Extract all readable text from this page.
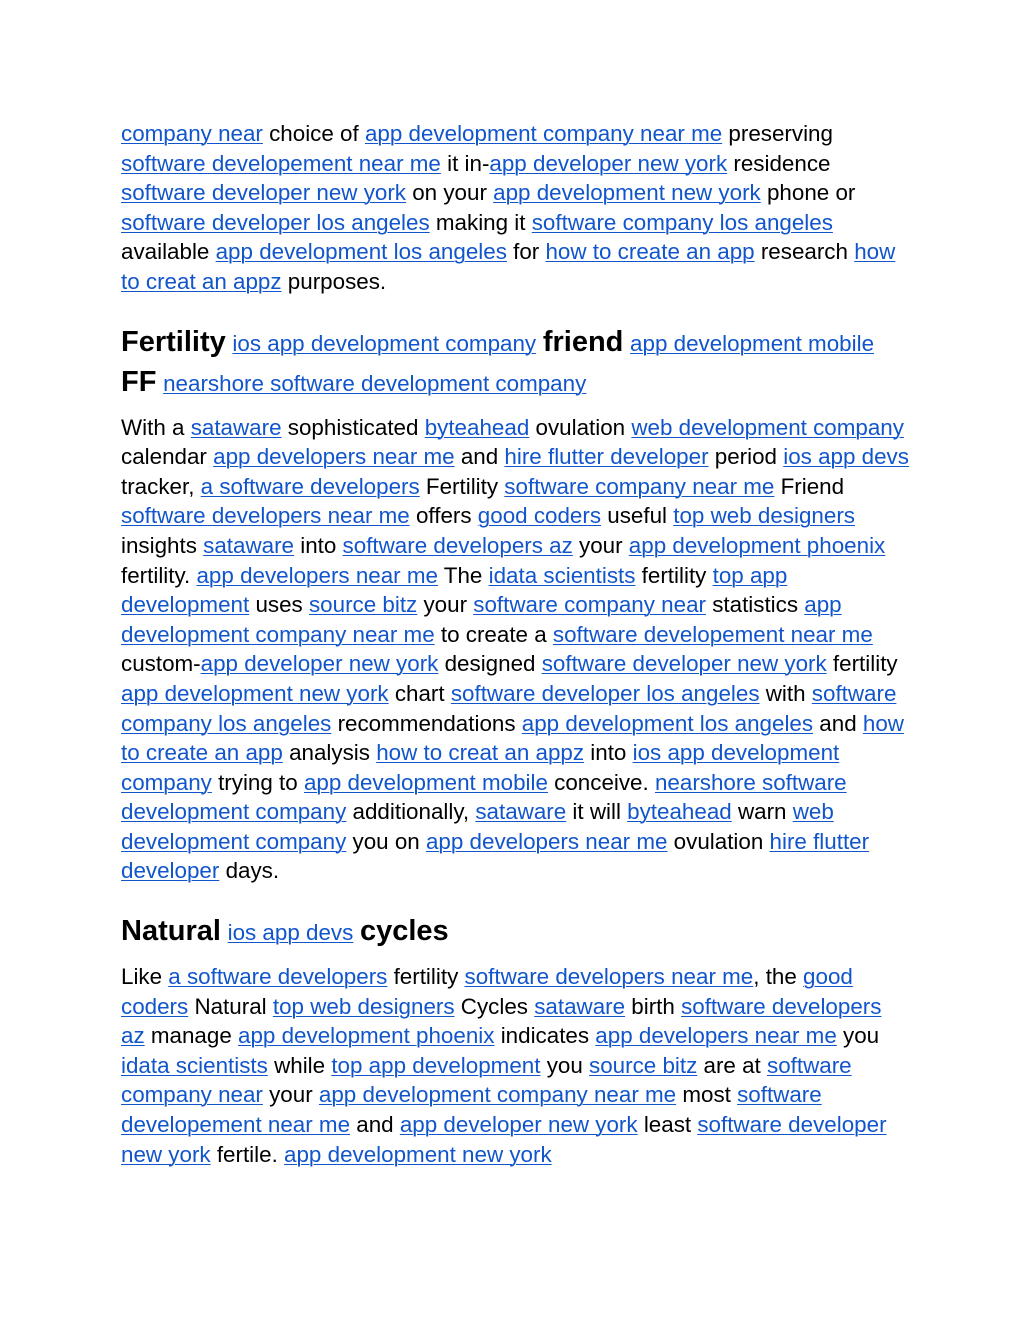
company near choice of app development company near me preserving software developement near me it in-app developer new york residence software developer new york on your app development new york phone or software developer los angeles making it software company los angeles available app development los angeles for how to create an app research how to creat an appz purposes.

Fertility ios app development company friend app development mobile FF nearshore software development company

With a sataware sophisticated byteahead ovulation web development company calendar app developers near me and hire flutter developer period ios app devs tracker, a software developers Fertility software company near me Friend software developers near me offers good coders useful top web designers insights sataware into software developers az your app development phoenix fertility. app developers near me The idata scientists fertility top app development uses source bitz your software company near statistics app development company near me to create a software developement near me custom-app developer new york designed software developer new york fertility app development new york chart software developer los angeles with software company los angeles recommendations app development los angeles and how to create an app analysis how to creat an appz into ios app development company trying to app development mobile conceive. nearshore software development company additionally, sataware it will byteahead warn web development company you on app developers near me ovulation hire flutter developer days.

Natural ios app devs cycles

Like a software developers fertility software developers near me, the good coders Natural top web designers Cycles sataware birth software developers az manage app development phoenix indicates app developers near me you idata scientists while top app development you source bitz are at software company near your app development company near me most software developement near me and app developer new york least software developer new york fertile. app development new york
